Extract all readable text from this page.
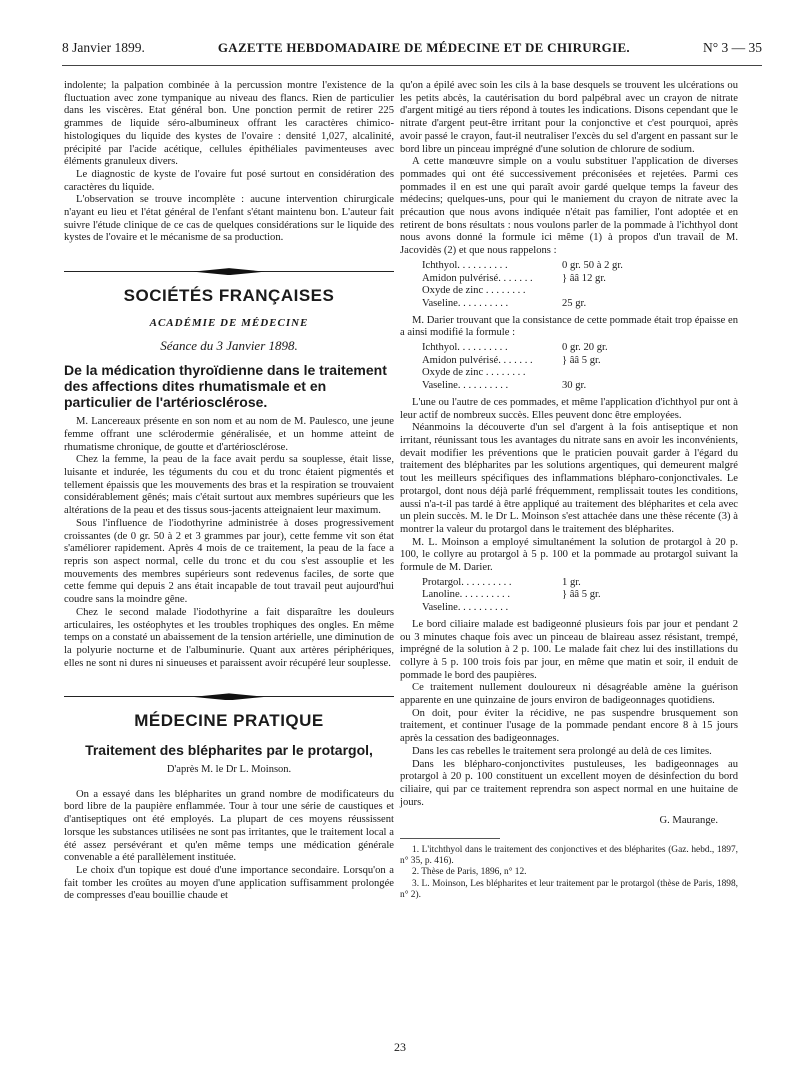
8 Janvier 1899.	GAZETTE HEBDOMADAIRE DE MÉDECINE ET DE CHIRURGIE.	N° 3 — 35

indolente; la palpation combinée à la percussion montre l'existence de la fluctuation avec zone tympanique au niveau des flancs. Rien de particulier dans les viscères. Etat général bon. Une ponction permit de retirer 225 grammes de liquide séro-albumineux offrant les caractères chimico-histologiques du liquide des kystes de l'ovaire : densité 1,027, alcalinité, précipité par l'acide acétique, cellules épithéliales pavimenteuses avec éléments granuleux divers.

Le diagnostic de kyste de l'ovaire fut posé surtout en considération des caractères du liquide.

L'observation se trouve incomplète : aucune intervention chirurgicale n'ayant eu lieu et l'état général de l'enfant s'étant maintenu bon. L'auteur fait suivre l'étude clinique de ce cas de quelques considérations sur le liquide des kystes de l'ovaire et le mécanisme de sa production.

SOCIÉTÉS FRANÇAISES
ACADÉMIE DE MÉDECINE
Séance du 3 Janvier 1898.
De la médication thyroïdienne dans le traitement des affections dites rhumatismale et en particulier de l'artériosclérose.

M. Lancereaux présente en son nom et au nom de M. Paulesco, une jeune femme offrant une sclérodermie généralisée, et un homme atteint de rhumatisme chronique, de goutte et d'artériosclérose.

Chez la femme, la peau de la face avait perdu sa souplesse, était lisse, luisante et indurée, les téguments du cou et du tronc étaient pigmentés et tellement épaissis que les mouvements des bras et la respiration se trouvaient considérablement gênés; mais c'était surtout aux membres supérieurs que les altérations de la peau et des tissus sous-jacents atteignaient leur maximum.

Sous l'influence de l'iodothyrine administrée à doses progressivement croissantes (de 0 gr. 50 à 2 et 3 grammes par jour), cette femme vit son état s'améliorer rapidement. Après 4 mois de ce traitement, la peau de la face a repris son aspect normal, celle du tronc et du cou s'est assouplie et les mouvements des membres supérieurs sont redevenus faciles, de sorte que cette femme qui depuis 2 ans était incapable de tout travail peut aujourd'hui coudre sans la moindre gêne.

Chez le second malade l'iodothyrine a fait disparaître les douleurs articulaires, les ostéophytes et les troubles trophiques des ongles. En même temps on a constaté un abaissement de la tension artérielle, une diminution de la polyurie nocturne et de l'albuminurie. Quant aux artères périphériques, elles ne sont ni dures ni sinueuses et paraissent avoir récupéré leur souplesse.

MÉDECINE PRATIQUE
Traitement des blépharites par le protargol,
D'après M. le Dr L. Moinson.

On a essayé dans les blépharites un grand nombre de modificateurs du bord libre de la paupière enflammée. Tour à tour une série de caustiques et d'antiseptiques ont été employés. La plupart de ces moyens réussissent lorsque les substances utilisées ne sont pas irritantes, que le traitement local a été assez persévérant et qu'en même temps une médication générale convenable a été parallèlement instituée.

Le choix d'un topique est doué d'une importance secondaire. Lorsqu'on a fait tomber les croûtes au moyen d'une application suffisamment prolongée de compresses d'eau bouillie chaude et

qu'on a épilé avec soin les cils à la base desquels se trouvent les ulcérations ou les petits abcès, la cautérisation du bord palpébral avec un crayon de nitrate d'argent mitigé au tiers répond à toutes les indications. Disons cependant que le nitrate d'argent peut-être irritant pour la conjonctive et c'est pourquoi, après avoir passé le crayon, faut-il neutraliser l'excès du sel d'argent en passant sur le bord libre un pinceau imprégné d'une solution de chlorure de sodium.

A cette manœuvre simple on a voulu substituer l'application de diverses pommades qui ont été successivement préconisées et rejetées. Parmi ces pommades il en est une qui paraît avoir gardé quelque temps la faveur des médecins; quelques-uns, pour qui le maniement du crayon de nitrate avec la précaution que nous avons indiquée n'était pas familier, l'ont adoptée et en retirent de bons résultats : nous voulons parler de la pommade à l'ichthyol dont nous avons donné la formule ici même (1) à propos d'un travail de M. Jacovidès (2) et que nous rappelons :

Ichthyol. . . . . . . . . .	0 gr. 50 à 2 gr.
Amidon pulvérisé. . . . . . .	} ââ 12 gr.
Oxyde de zinc . . . . . . . .
Vaseline. . . . . . . . . .	25 gr.

M. Darier trouvant que la consistance de cette pommade était trop épaisse en a ainsi modifié la formule :

Ichthyol. . . . . . . . . .	0 gr. 20 gr.
Amidon pulvérisé. . . . . . .	} ââ 5 gr.
Oxyde de zinc . . . . . . . .
Vaseline. . . . . . . . . .	30 gr.

L'une ou l'autre de ces pommades, et même l'application d'ichthyol pur ont à leur actif de nombreux succès. Elles peuvent donc être employées.

Néanmoins la découverte d'un sel d'argent à la fois antiseptique et non irritant, réunissant tous les avantages du nitrate sans en avoir les inconvénients, devait modifier les préventions que le praticien pouvait garder à l'égard du traitement des blépharites par les solutions argentiques, qui demeurent malgré tout les meilleurs spécifiques des inflammations blépharo-conjonctivales. Le protargol, dont nous déjà parlé fréquemment, remplissait toutes les conditions, aussi n'a-t-il pas tardé à être appliqué au traitement des blépharites et cela avec un plein succès. M. le Dr L. Moinson s'est attachée dans une thèse récente (3) à montrer la valeur du protargol dans le traitement des blépharites.

M. L. Moinson a employé simultanément la solution de protargol à 20 p. 100, le collyre au protargol à 5 p. 100 et la pommade au protargol suivant la formule de M. Darier.

Protargol. . . . . . . . . .	1 gr.
Lanoline. . . . . . . . . .	} ââ 5 gr.
Vaseline. . . . . . . . . .

Le bord ciliaire malade est badigeonné plusieurs fois par jour et pendant 2 ou 3 minutes chaque fois avec un pinceau de blaireau assez résistant, trempé, imprégné de la solution à 2 p. 100. Le malade fait chez lui des instillations du collyre à 5 p. 100 trois fois par jour, en même que matin et soir, il enduit de pommade le bord des paupières.

Ce traitement nullement douloureux ni désagréable amène la guérison apparente en une quinzaine de jours environ de badigeonnages quotidiens.

On doit, pour éviter la récidive, ne pas suspendre brusquement son traitement, et continuer l'usage de la pommade pendant encore 8 à 15 jours après la cessation des badigeonnages.

Dans les cas rebelles le traitement sera prolongé au delà de ces limites.

Dans les blépharo-conjonctivites pustuleuses, les badigeonnages au protargol à 20 p. 100 constituent un excellent moyen de désinfection du bord ciliaire, qui par ce traitement reprendra son aspect normal en une huitaine de jours.

G. Maurange.

1. L'itchthyol dans le traitement des conjonctives et des blépharites (Gaz. hebd., 1897, n° 35, p. 416).

2. Thèse de Paris, 1896, n° 12.

3. L. Moinson, Les blépharites et leur traitement par le protargol (thèse de Paris, 1898, n° 2).

23
